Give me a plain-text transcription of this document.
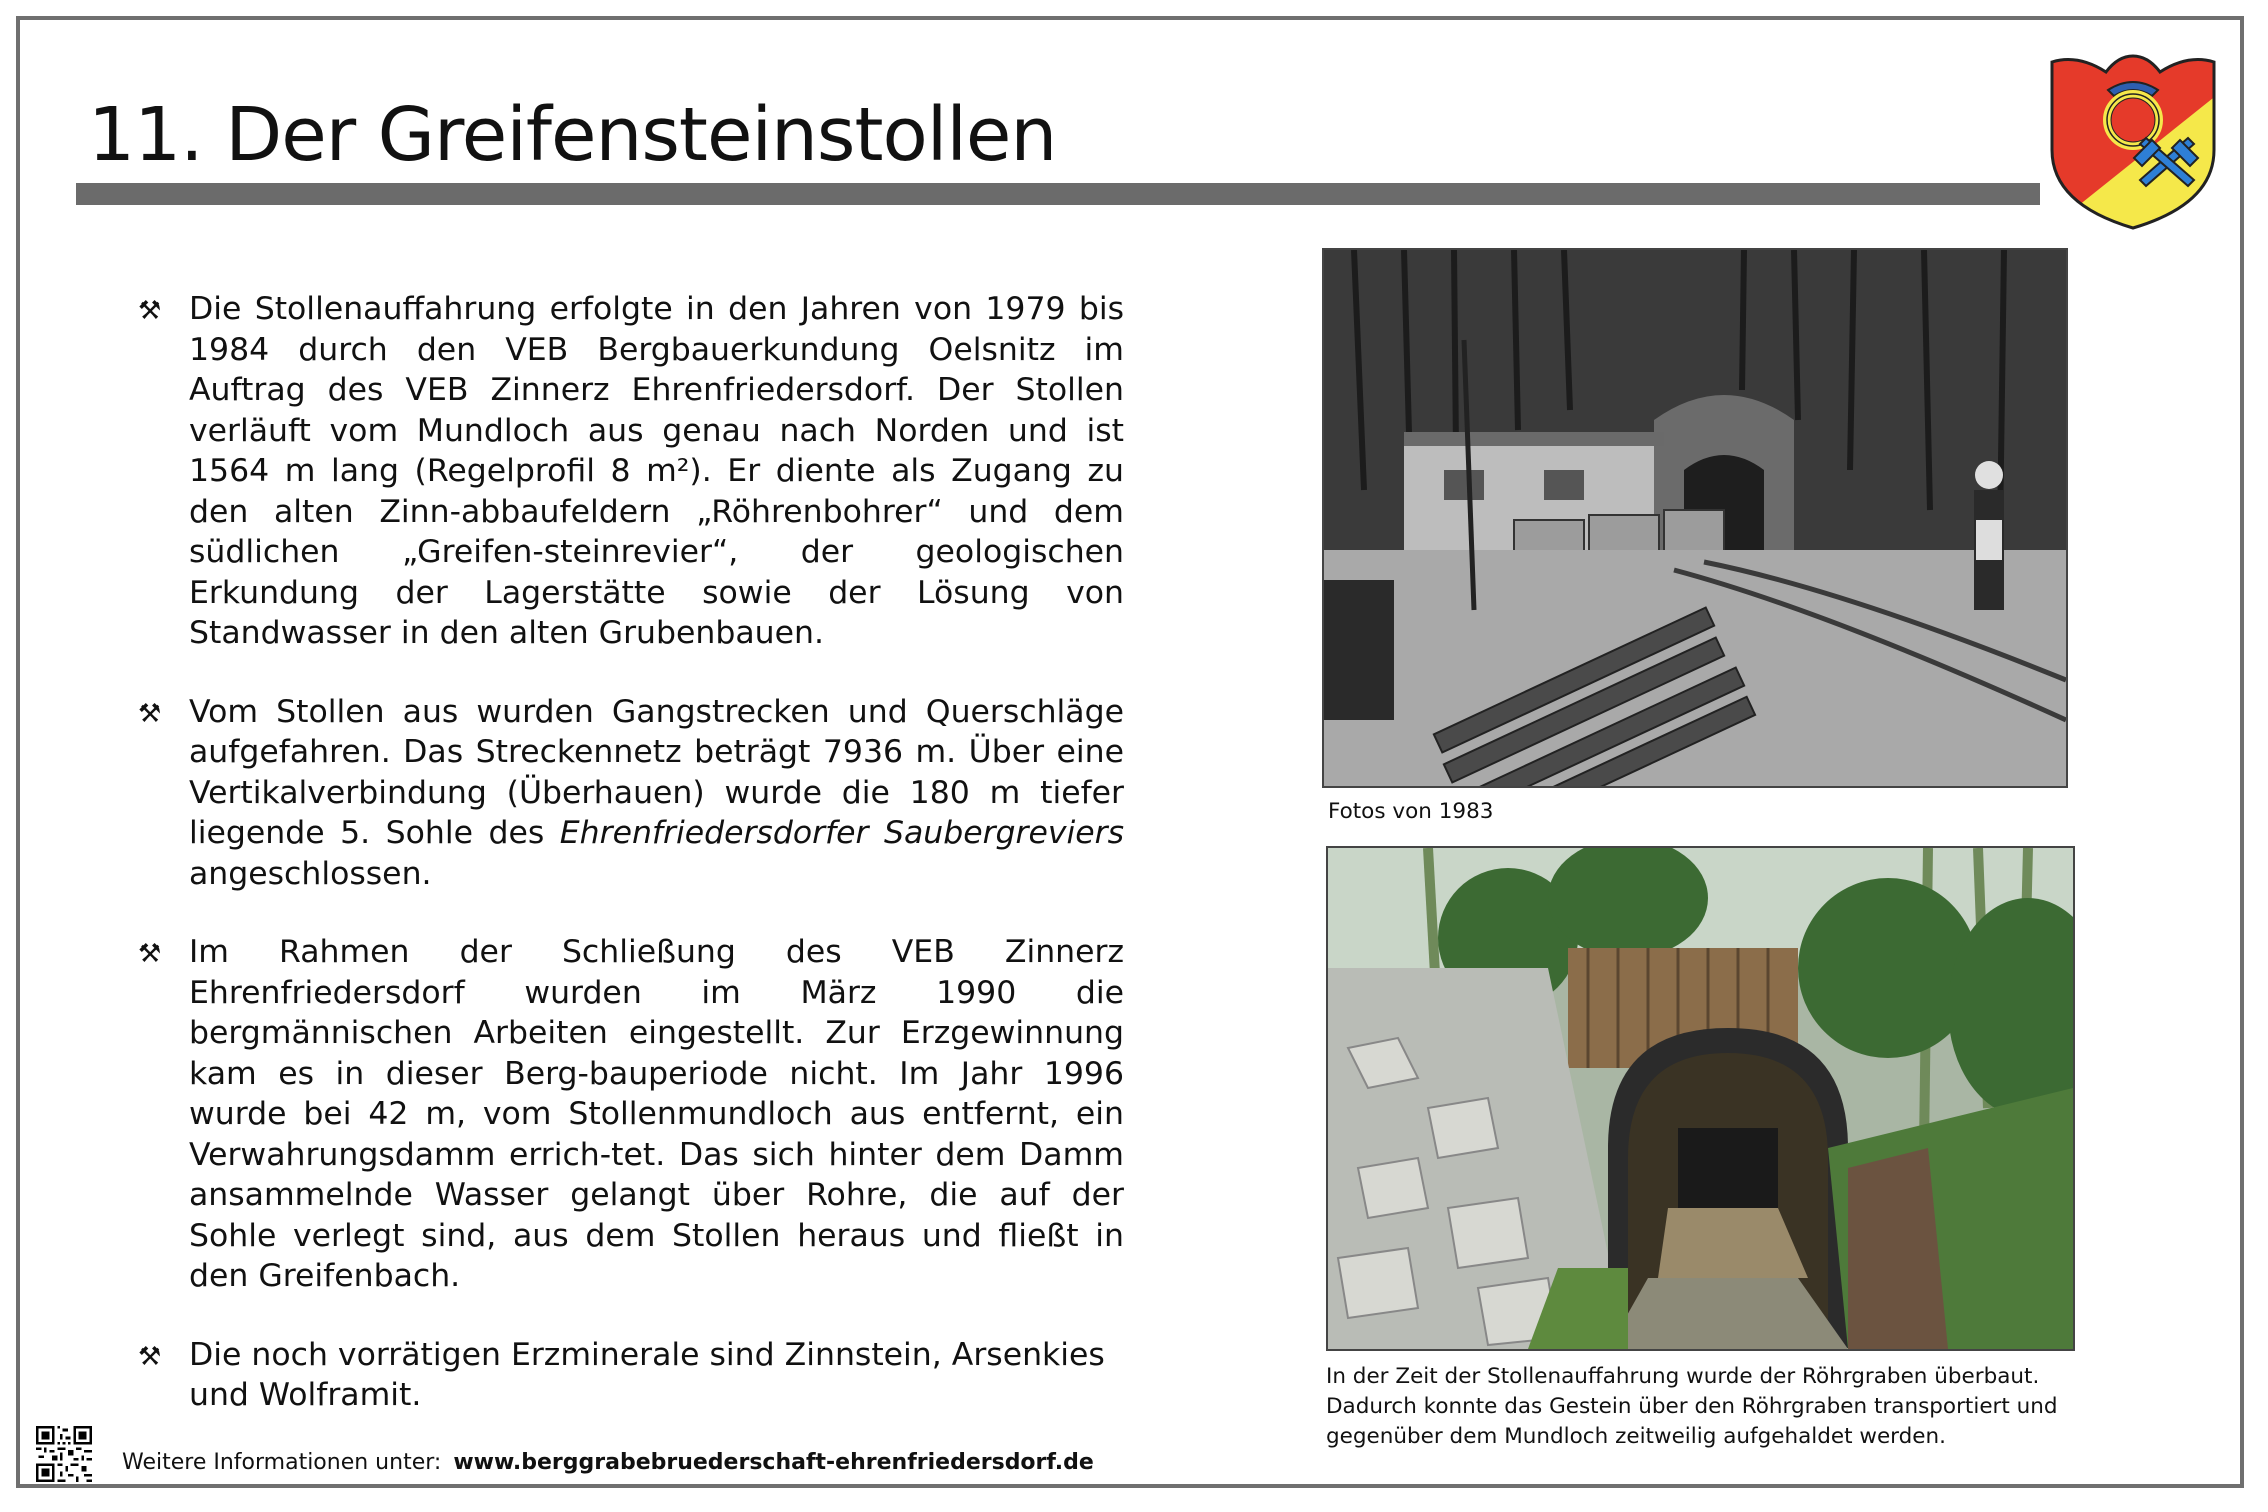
11. Der Greifensteinstollen
⚒ Die Stollenauffahrung erfolgte in den Jahren von 1979 bis 1984 durch den VEB Bergbauerkundung Oelsnitz im Auftrag des VEB Zinnerz Ehrenfriedersdorf. Der Stollen verläuft vom Mundloch aus genau nach Norden und ist 1564 m lang (Regelprofil 8 m²). Er diente als Zugang zu den alten Zinn-abbaufeldern „Röhrenbohrer“ und dem südlichen „Greifen-steinrevier“, der geologischen Erkundung der Lagerstätte sowie der Lösung von Standwasser in den alten Grubenbauen.

⚒ Vom Stollen aus wurden Gangstrecken und Querschläge aufgefahren. Das Streckennetz beträgt 7936 m. Über eine Vertikalverbindung (Überhauen) wurde die 180 m tiefer liegende 5. Sohle des Ehrenfriedersdorfer Saubergreviers angeschlossen.

⚒ Im Rahmen der Schließung des VEB Zinnerz Ehrenfriedersdorf wurden im März 1990 die bergmännischen Arbeiten eingestellt. Zur Erzgewinnung kam es in dieser Berg-bauperiode nicht. Im Jahr 1996 wurde bei 42 m, vom Stollenmundloch aus entfernt, ein Verwahrungsdamm errich-tet. Das sich hinter dem Damm ansammelnde Wasser gelangt über Rohre, die auf der Sohle verlegt sind, aus dem Stollen heraus und fließt in den Greifenbach.

⚒ Die noch vorrätigen Erzminerale sind Zinnstein, Arsenkies und Wolframit.

Fotos von 1983
In der Zeit der Stollenauffahrung wurde der Röhrgraben überbaut.
Dadurch konnte das Gestein über den Röhrgraben transportiert und
gegenüber dem Mundloch zeitweilig aufgehaldet werden.
Weitere Informationen unter: www.berggrabebruederschaft-ehrenfriedersdorf.de
